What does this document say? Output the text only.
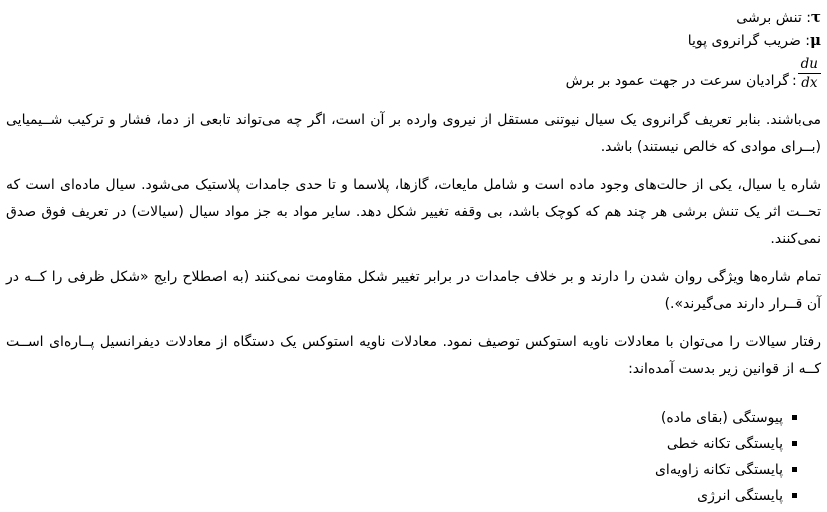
τ: تنش برشی
μ: ضریب گرانروی پویا
$\frac{du}{dx}$
:
گرادیان سرعت در جهت عمود بر برش

می‌باشند. بنابر تعریف گرانروی یک سیال نیوتنی مستقل از نیروی وارده بر آن است، اگر چه می‌تواند تابعی از دما، فشار و ترکیب شــیمیایی (بــرای موادی که خالص نیستند) باشد.

شاره یا سیال، یکی از حالت‌های وجود ماده است و شامل مایعات، گازها، پلاسما و تا حدی جامدات پلاستیک می‌شود. سیال ماده‌ای است که تحــت اثر یک تنش برشی هر چند هم که کوچک باشد، بی وقفه تغییر شکل دهد. سایر مواد به جز مواد سیال (سیالات) در تعریف فوق صدق نمی‌کنند.

تمام شاره‌ها ویژگی روان شدن را دارند و بر خلاف جامدات در برابر تغییر شکل مقاومت نمی‌کنند (به اصطلاح رایج «شکل ظرفی را کــه در آن قــرار دارند می‌گیرند».)

رفتار سیالات را می‌توان با معادلات ناویه استوکس توصیف نمود. معادلات ناویه استوکس یک دستگاه از معادلات دیفرانسیل پــاره‌ای اســت کــه از قوانین زیر بدست آمده‌اند:

پیوستگی (بقای ماده)
پایستگی تکانه خطی
پایستگی تکانه زاویه‌ای
پایستگی انرژی
